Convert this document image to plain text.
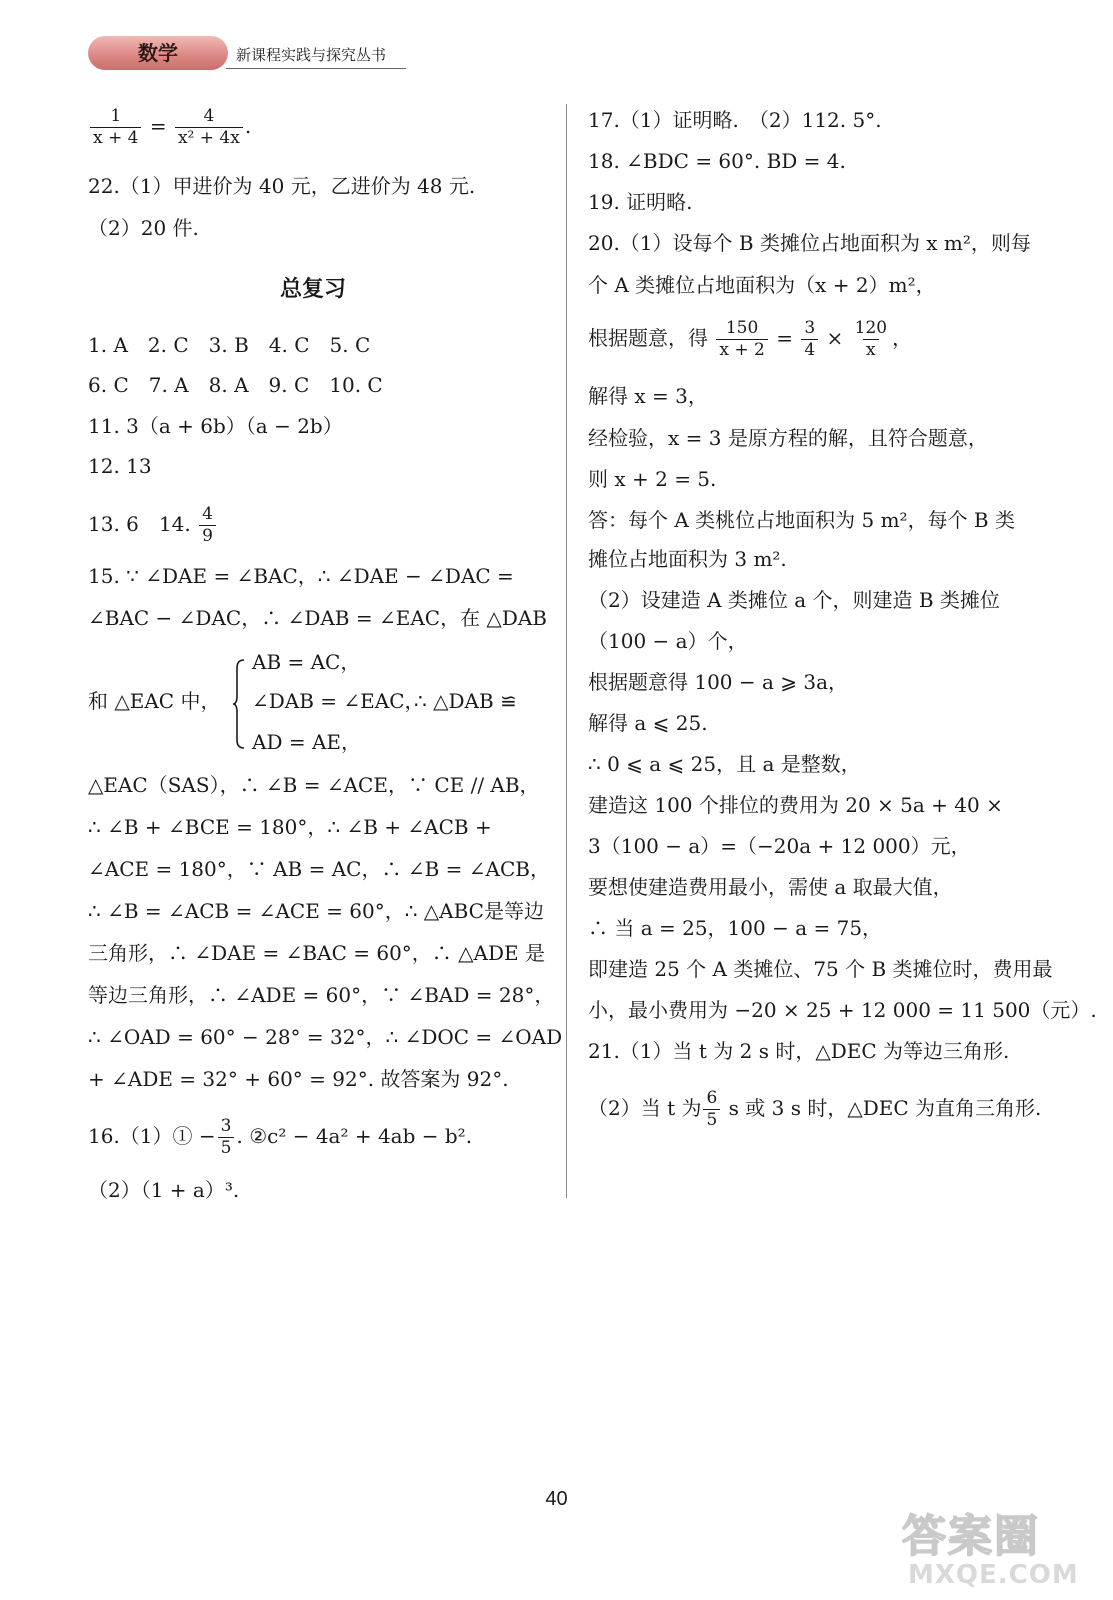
数学	新课程实践与探究丛书
$\frac{1}{x + 4} = \frac{4}{\text{x² + 4x}}$ .
22.（1）甲进价为 40 元，乙进价为 48 元.
（2）20 件.
总复习
1. A　2. C　3. B　4. C　5. C
6. C　7. A　8. A　9. C　10. C
11. 3（a + 6b）（a − 2b）
12. 13
13. 6　14. $\frac{4}{9}$
15. ∵ ∠DAE = ∠BAC，∴ ∠DAE − ∠DAC =
∠BAC − ∠DAC，∴ ∠DAB = ∠EAC，在 △DAB
和 △EAC 中，
AB = AC，
∠DAB = ∠EAC，
AD = AE，
∴ △DAB ≌
△EAC（SAS），∴ ∠B = ∠ACE，∵ CE // AB，
∴ ∠B + ∠BCE = 180°，∴ ∠B + ∠ACB +
∠ACE = 180°，∵ AB = AC，∴ ∠B = ∠ACB，
∴ ∠B = ∠ACB = ∠ACE = 60°，∴ △ABC是等边
三角形，∴ ∠DAE = ∠BAC = 60°，∴ △ADE 是
等边三角形，∴ ∠ADE = 60°，∵ ∠BAD = 28°，
∴ ∠OAD = 60° − 28° = 32°，∴ ∠DOC = ∠OAD
+ ∠ADE = 32° + 60° = 92°. 故答案为 92°.
16.（1）① − $\frac{3}{5}$ . ②c² − 4a² + 4ab − b².
（2）（1 + a）³.
17.（1）证明略.　（2）112. 5°.
18. ∠BDC = 60°. BD = 4.
19. 证明略.
20.（1）设每个 B 类摊位占地面积为 x m²，则每
个 A 类摊位占地面积为（x + 2）m²，
根据题意，得 $\frac{150}{x + 2} = \frac{3}{4} \times \frac{120}{x}$ ，
解得 x = 3，
经检验，x = 3 是原方程的解，且符合题意，
则 x + 2 = 5.
答：每个 A 类桃位占地面积为 5 m²，每个 B 类
摊位占地面积为 3 m².
（2）设建造 A 类摊位 a 个，则建造 B 类摊位
（100 − a）个，
根据题意得 100 − a ⩾ 3a，
解得 a ⩽ 25.
∴ 0 ⩽ a ⩽ 25，且 a 是整数，
建造这 100 个排位的费用为 20 × 5a + 40 ×
3（100 − a）=（−20a + 12 000）元，
要想使建造费用最小，需使 a 取最大值，
∴ 当 a = 25，100 − a = 75，
即建造 25 个 A 类摊位、75 个 B 类摊位时，费用最
小，最小费用为 −20 × 25 + 12 000 = 11 500（元）.
21.（1）当 t 为 2 s 时，△DEC 为等边三角形.
（2）当 t 为 $\frac{6}{5}$ s 或 3 s 时，△DEC 为直角三角形.
40
答案圈
MXQE.COM
